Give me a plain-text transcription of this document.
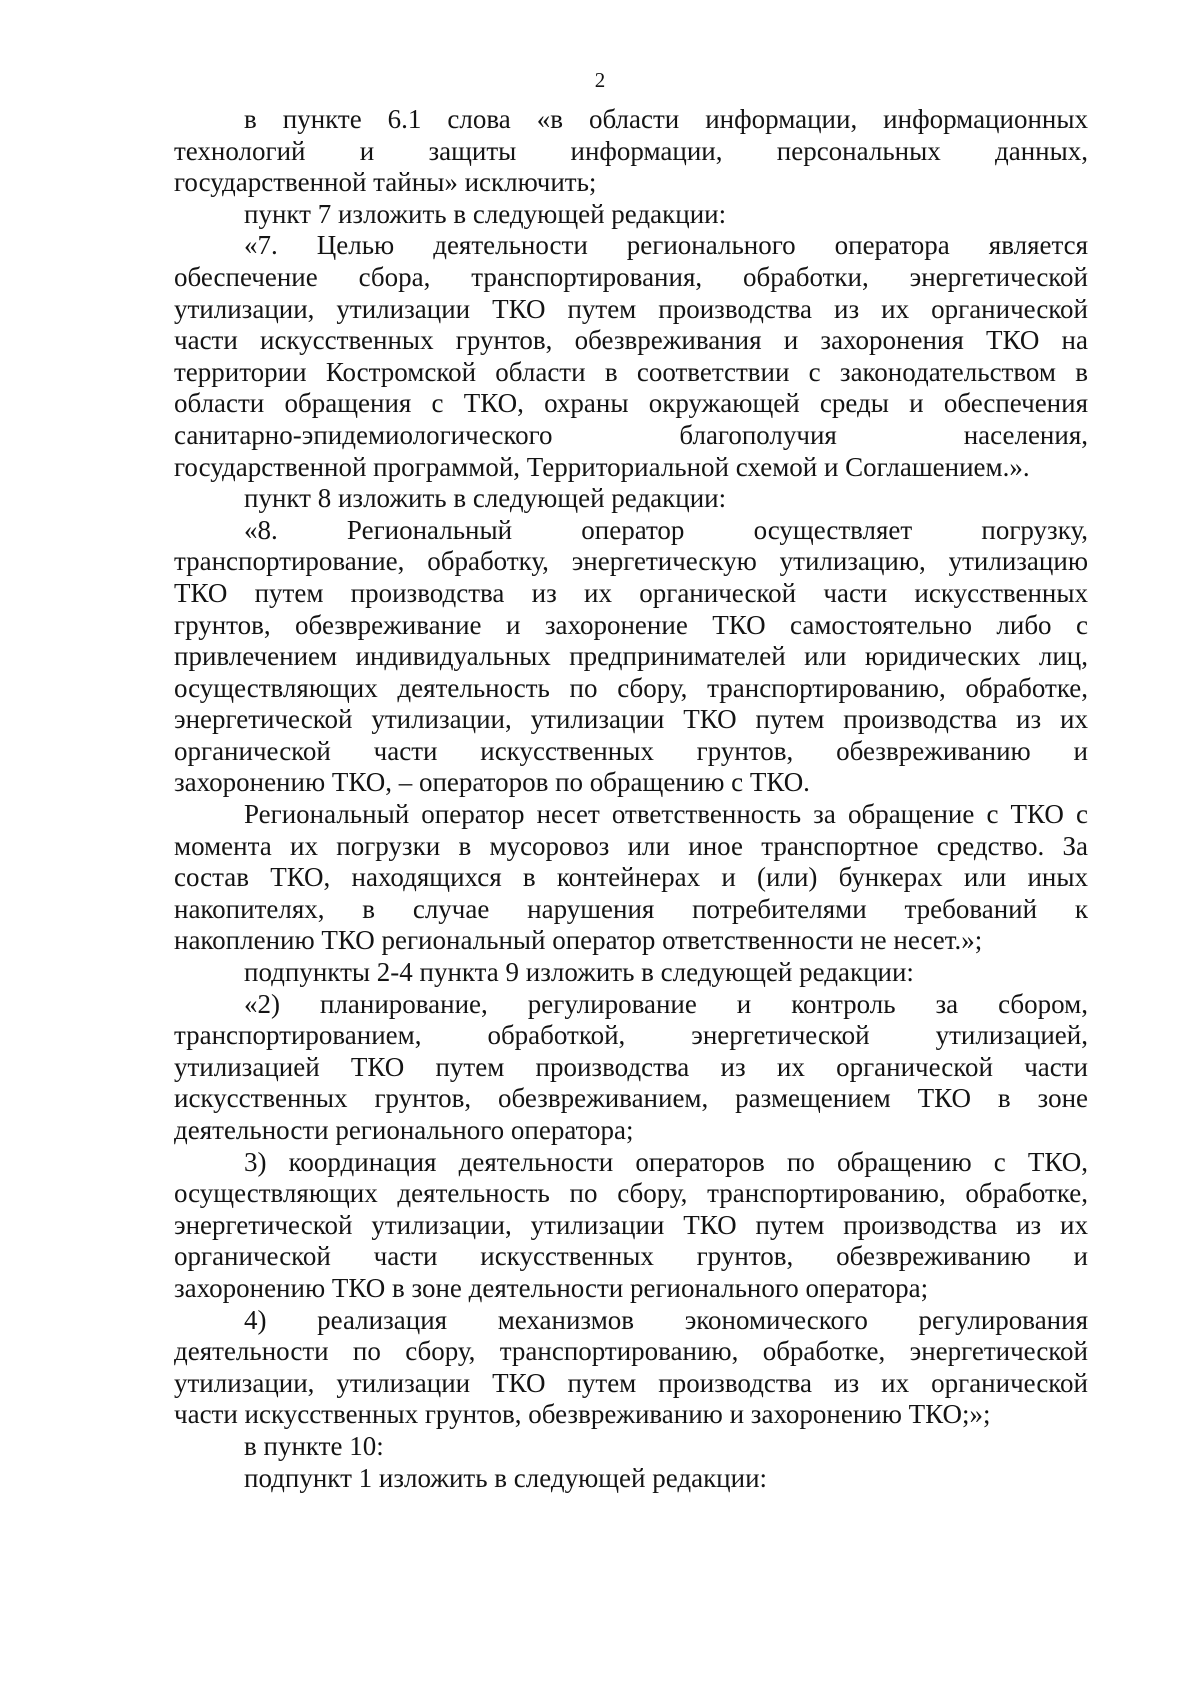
2
в пункте 6.1 слова «в области информации, информационных
технологий и защиты информации, персональных данных,
государственной тайны» исключить;
пункт 7 изложить в следующей редакции:
«7. Целью деятельности регионального оператора является
обеспечение сбора, транспортирования, обработки, энергетической
утилизации, утилизации ТКО путем производства из их органической
части искусственных грунтов, обезвреживания и захоронения ТКО на
территории Костромской области в соответствии с законодательством в
области обращения с ТКО, охраны окружающей среды и обеспечения
санитарно-эпидемиологического благополучия населения,
государственной программой, Территориальной схемой и Соглашением.».
пункт 8 изложить в следующей редакции:
«8. Региональный оператор осуществляет погрузку,
транспортирование, обработку, энергетическую утилизацию, утилизацию
ТКО путем производства из их органической части искусственных
грунтов, обезвреживание и захоронение ТКО самостоятельно либо с
привлечением индивидуальных предпринимателей или юридических лиц,
осуществляющих деятельность по сбору, транспортированию, обработке,
энергетической утилизации, утилизации ТКО путем производства из их
органической части искусственных грунтов, обезвреживанию и
захоронению ТКО, – операторов по обращению с ТКО.
Региональный оператор несет ответственность за обращение с ТКО с
момента их погрузки в мусоровоз или иное транспортное средство. За
состав ТКО, находящихся в контейнерах и (или) бункерах или иных
накопителях, в случае нарушения потребителями требований к
накоплению ТКО региональный оператор ответственности не несет.»;
подпункты 2-4 пункта 9 изложить в следующей редакции:
«2) планирование, регулирование и контроль за сбором,
транспортированием, обработкой, энергетической утилизацией,
утилизацией ТКО путем производства из их органической части
искусственных грунтов, обезвреживанием, размещением ТКО в зоне
деятельности регионального оператора;
3) координация деятельности операторов по обращению с ТКО,
осуществляющих деятельность по сбору, транспортированию, обработке,
энергетической утилизации, утилизации ТКО путем производства из их
органической части искусственных грунтов, обезвреживанию и
захоронению ТКО в зоне деятельности регионального оператора;
4) реализация механизмов экономического регулирования
деятельности по сбору, транспортированию, обработке, энергетической
утилизации, утилизации ТКО путем производства из их органической
части искусственных грунтов, обезвреживанию и захоронению ТКО;»;
в пункте 10:
подпункт 1 изложить в следующей редакции:
